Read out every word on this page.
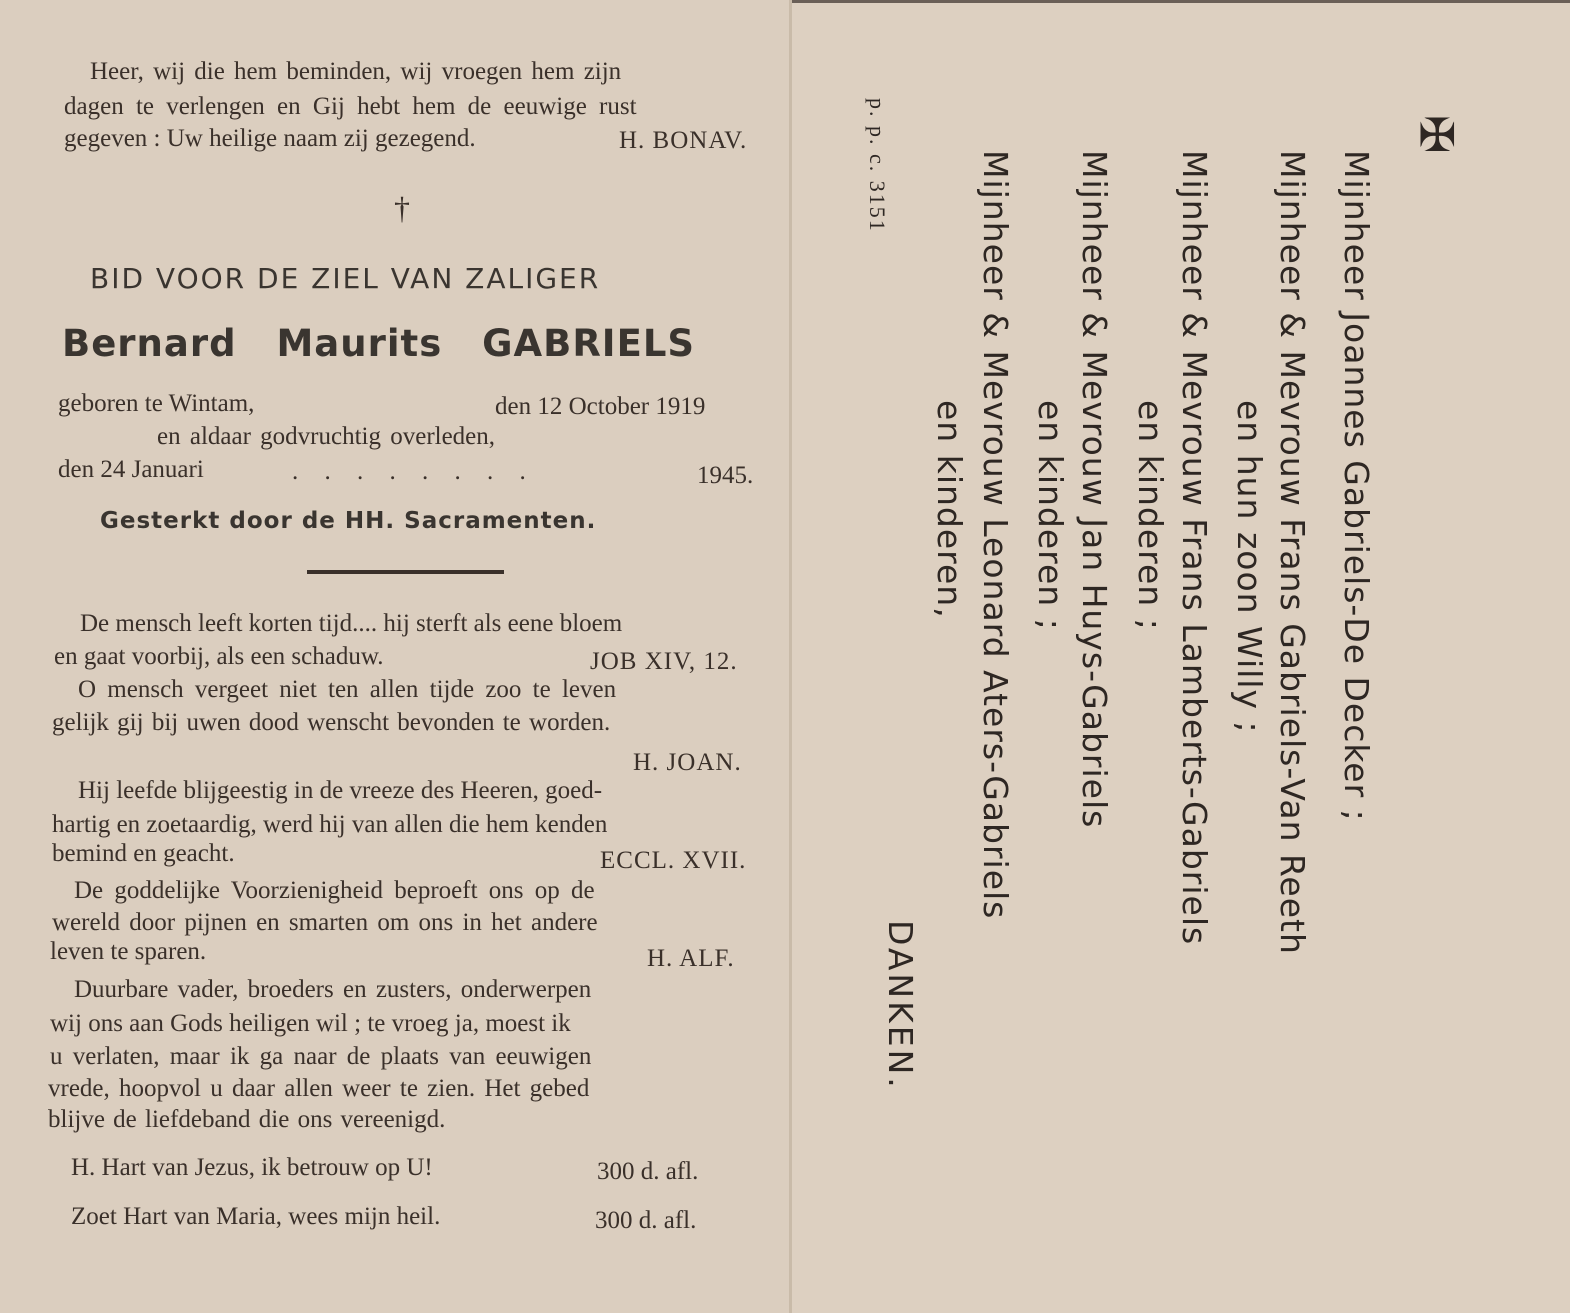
Heer, wij die hem beminden, wij vroegen hem zijn
dagen te verlengen en Gij hebt hem de eeuwige rust
gegeven : Uw heilige naam zij gezegend.	H. BONAV.
†
BID VOOR DE ZIEL VAN ZALIGER
Bernard Maurits GABRIELS
geboren te Wintam,	den 12 October 1919
en aldaar godvruchtig overleden,
den 24 Januari	. . . . . . . .	1945.
Gesterkt door de HH. Sacramenten.
De mensch leeft korten tijd.... hij sterft als eene bloem
en gaat voorbij, als een schaduw.	JOB XIV, 12.
O mensch vergeet niet ten allen tijde zoo te leven
gelijk gij bij uwen dood wenscht bevonden te worden.
H. JOAN.
Hij leefde blijgeestig in de vreeze des Heeren, goed-
hartig en zoetaardig, werd hij van allen die hem kenden
bemind en geacht.	ECCL. XVII.
De goddelijke Voorzienigheid beproeft ons op de
wereld door pijnen en smarten om ons in het andere
leven te sparen.	H. ALF.
Duurbare vader, broeders en zusters, onderwerpen
wij ons aan Gods heiligen wil ; te vroeg ja, moest ik
u verlaten, maar ik ga naar de plaats van eeuwigen
vrede, hoopvol u daar allen weer te zien. Het gebed
blijve de liefdeband die ons vereenigd.
H. Hart van Jezus, ik betrouw op U!	300 d. afl.
Zoet Hart van Maria, wees mijn heil.	300 d. afl.
✠
Mijnheer Joannes Gabriels-De Decker ;
Mijnheer & Mevrouw Frans Gabriels-Van Reeth
en hun zoon Willy ;
Mijnheer & Mevrouw Frans Lamberts-Gabriels
en kinderen ;
Mijnheer & Mevrouw Jan Huys-Gabriels
en kinderen ;
Mijnheer & Mevrouw Leonard Aters-Gabriels
en kinderen,
DANKEN.
p. p. c. 3151
